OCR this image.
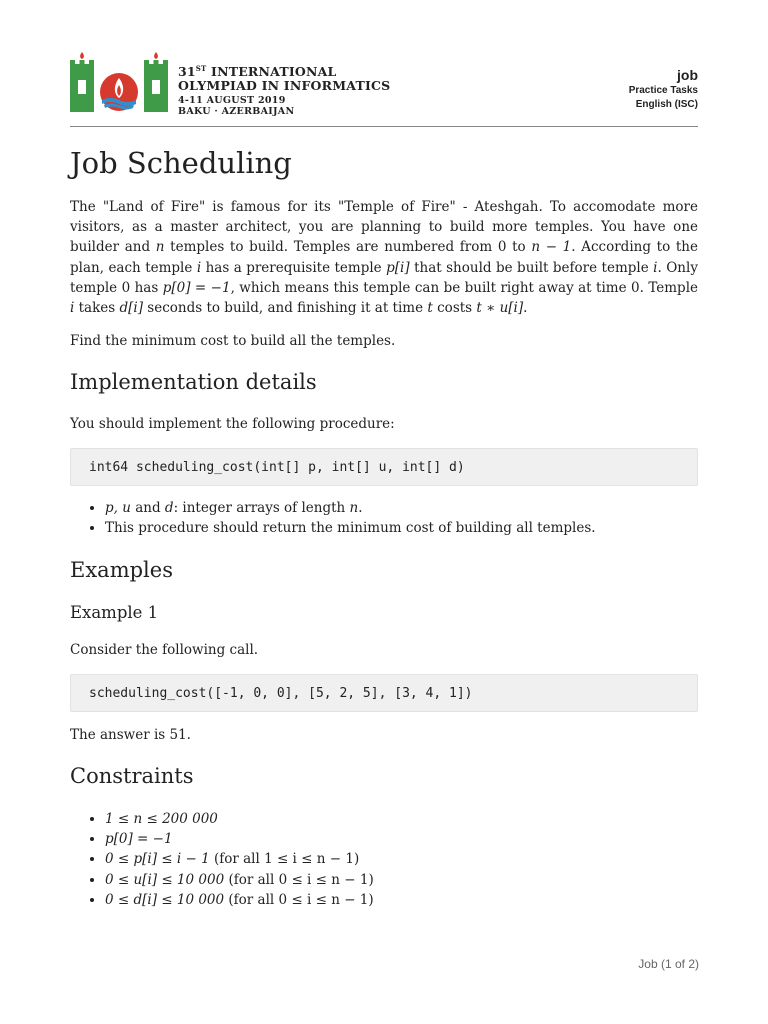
31ST INTERNATIONAL
OLYMPIAD IN INFORMATICS
4-11 AUGUST 2019
BAKU · AZERBAIJAN
job
Practice Tasks
English (ISC)
Job Scheduling

The "Land of Fire" is famous for its "Temple of Fire" - Ateshgah. To accomodate more visitors, as a master architect, you are planning to build more temples. You have one builder and n temples to build. Temples are numbered from 0 to n − 1. According to the plan, each temple i has a prerequisite temple p[i] that should be built before temple i. Only temple 0 has p[0] = −1, which means this temple can be built right away at time 0. Temple i takes d[i] seconds to build, and finishing it at time t costs t ∗ u[i].

Find the minimum cost to build all the temples.

Implementation details

You should implement the following procedure:

int64 scheduling_cost(int[] p, int[] u, int[] d)
• p, u and d: integer arrays of length n.
• This procedure should return the minimum cost of building all temples.
Examples
Example 1

Consider the following call.

scheduling_cost([-1, 0, 0], [5, 2, 5], [3, 4, 1])

The answer is 51.

Constraints
• 1 ≤ n ≤ 200 000
• p[0] = −1
• 0 ≤ p[i] ≤ i − 1 (for all 1 ≤ i ≤ n − 1)
• 0 ≤ u[i] ≤ 10 000 (for all 0 ≤ i ≤ n − 1)
• 0 ≤ d[i] ≤ 10 000 (for all 0 ≤ i ≤ n − 1)
Job (1 of 2)
